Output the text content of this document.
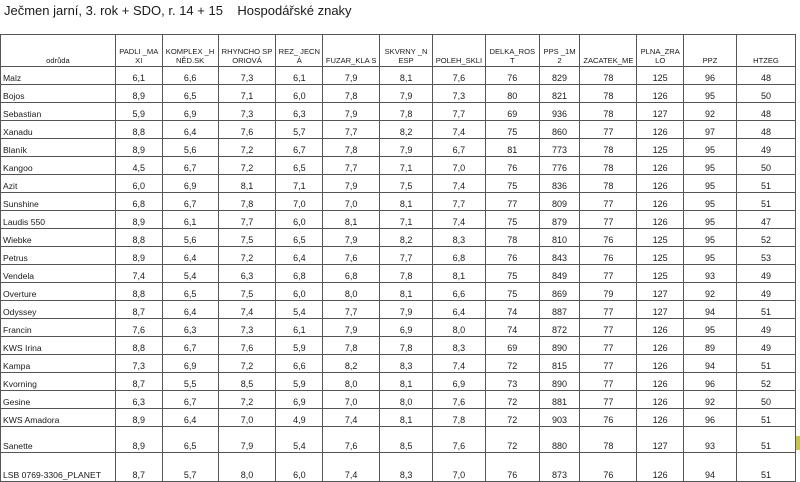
Ječmen jarní, 3. rok + SDO, r. 14 + 15    Hospodářské znaky
odrůda	PADLI _MAXI	KOMPLEX _HNĚD.SK	RHYNCHO SPORIOVÁ	REZ_ JECNÁ	FUZAR_KLA S	SKVRNY _NESP	POLEH_SKLI	DELKA_ROS T	PPS _1M2	ZACATEK_ME	PLNA_ZRA LO	PPZ	HTZEG
Malz	6,1	6,6	7,3	6,1	7,9	8,1	7,6	76	829	78	125	96	48
Bojos	8,9	6,5	7,1	6,0	7,8	7,9	7,3	80	821	78	126	95	50
Sebastian	5,9	6,9	7,3	6,3	7,9	7,8	7,7	69	936	78	127	92	48
Xanadu	8,8	6,4	7,6	5,7	7,7	8,2	7,4	75	860	77	126	97	48
Blaník	8,9	5,6	7,2	6,7	7,8	7,9	6,7	81	773	78	125	95	49
Kangoo	4,5	6,7	7,2	6,5	7,7	7,1	7,0	76	776	78	126	95	50
Azit	6,0	6,9	8,1	7,1	7,9	7,5	7,4	75	836	78	126	95	51
Sunshine	6,8	6,7	7,8	7,0	7,0	8,1	7,7	77	809	77	126	95	51
Laudis 550	8,9	6,1	7,7	6,0	8,1	7,1	7,4	75	879	77	126	95	47
Wiebke	8,8	5,6	7,5	6,5	7,9	8,2	8,3	78	810	76	125	95	52
Petrus	8,9	6,4	7,2	6,4	7,6	7,7	6,8	76	843	76	125	95	53
Vendela	7,4	5,4	6,3	6,8	6,8	7,8	8,1	75	849	77	125	93	49
Overture	8,8	6,5	7,5	6,0	8,0	8,1	6,6	75	869	79	127	92	49
Odyssey	8,7	6,4	7,4	5,4	7,7	7,9	6,4	74	887	77	127	94	51
Francin	7,6	6,3	7,3	6,1	7,9	6,9	8,0	74	872	77	126	95	49
KWS Irina	8,8	6,7	7,6	5,9	7,8	7,8	8,3	69	890	77	126	89	49
Kampa	7,3	6,9	7,2	6,6	8,2	8,3	7,4	72	815	77	126	94	51
Kvorning	8,7	5,5	8,5	5,9	8,0	8,1	6,9	73	890	77	126	96	52
Gesine	6,3	6,7	7,2	6,9	7,0	8,0	7,6	72	881	77	126	92	50
KWS Amadora	8,9	6,4	7,0	4,9	7,4	8,1	7,8	72	903	76	126	96	51
Sanette	8,9	6,5	7,9	5,4	7,6	8,5	7,6	72	880	78	127	93	51
LSB 0769-3306_PLANET	8,7	5,7	8,0	6,0	7,4	8,3	7,0	76	873	76	126	94	51
